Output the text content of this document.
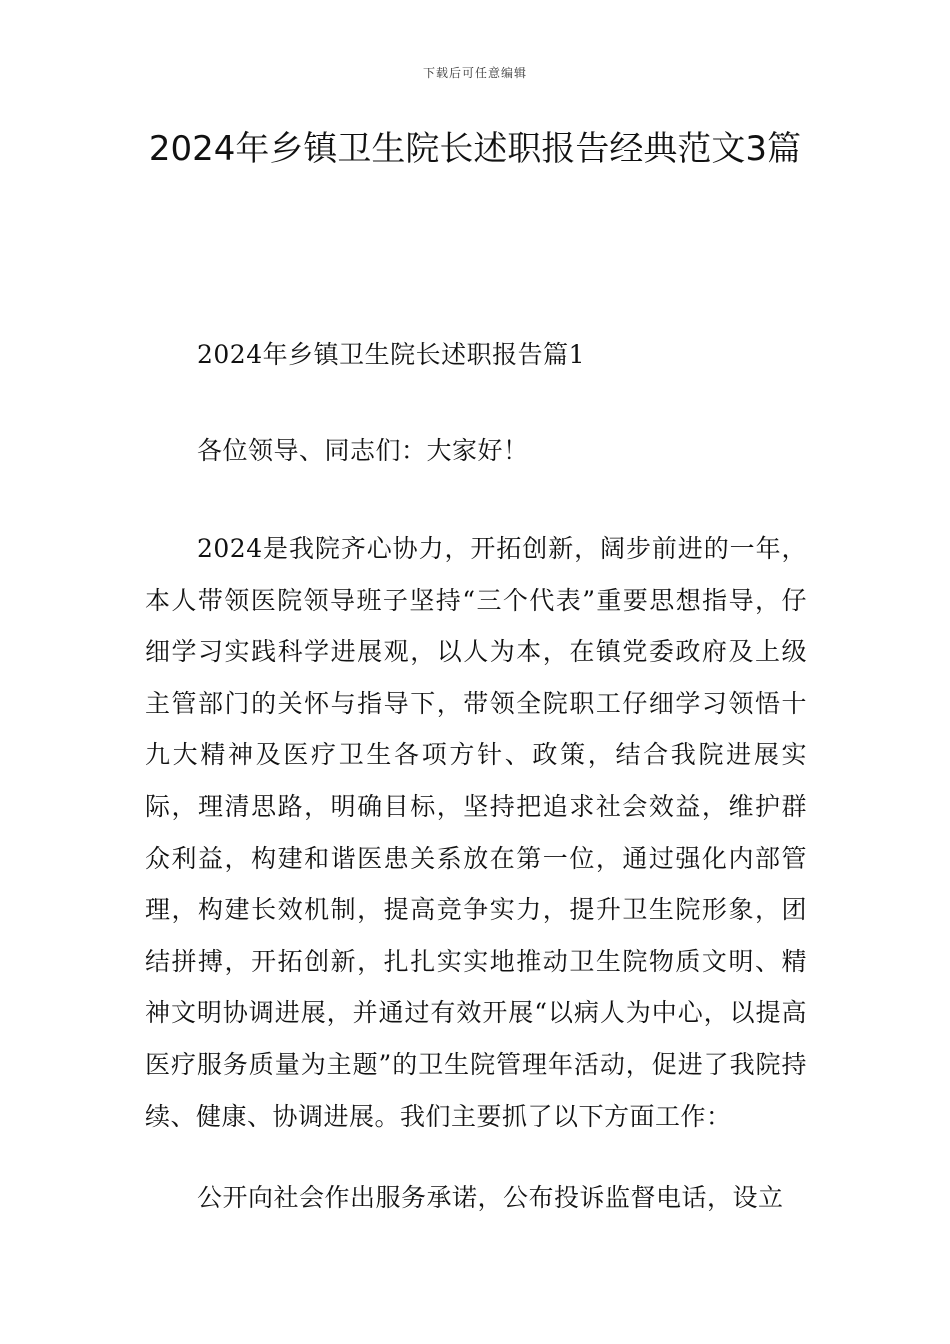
下载后可任意编辑
2024年乡镇卫生院长述职报告经典范文3篇

2024年乡镇卫生院长述职报告篇1

各位领导、同志们：大家好！

2024是我院齐心协力，开拓创新，阔步前进的一年，本人带领医院领导班子坚持“三个代表”重要思想指导，仔细学习实践科学进展观，以人为本，在镇党委政府及上级主管部门的关怀与指导下，带领全院职工仔细学习领悟十九大精神及医疗卫生各项方针、政策，结合我院进展实际，理清思路，明确目标，坚持把追求社会效益，维护群众利益，构建和谐医患关系放在第一位，通过强化内部管理，构建长效机制，提高竞争实力，提升卫生院形象，团结拼搏，开拓创新，扎扎实实地推动卫生院物质文明、精神文明协调进展，并通过有效开展“以病人为中心，以提高医疗服务质量为主题”的卫生院管理年活动，促进了我院持续、健康、协调进展。我们主要抓了以下方面工作：

公开向社会作出服务承诺，公布投诉监督电话，设立
